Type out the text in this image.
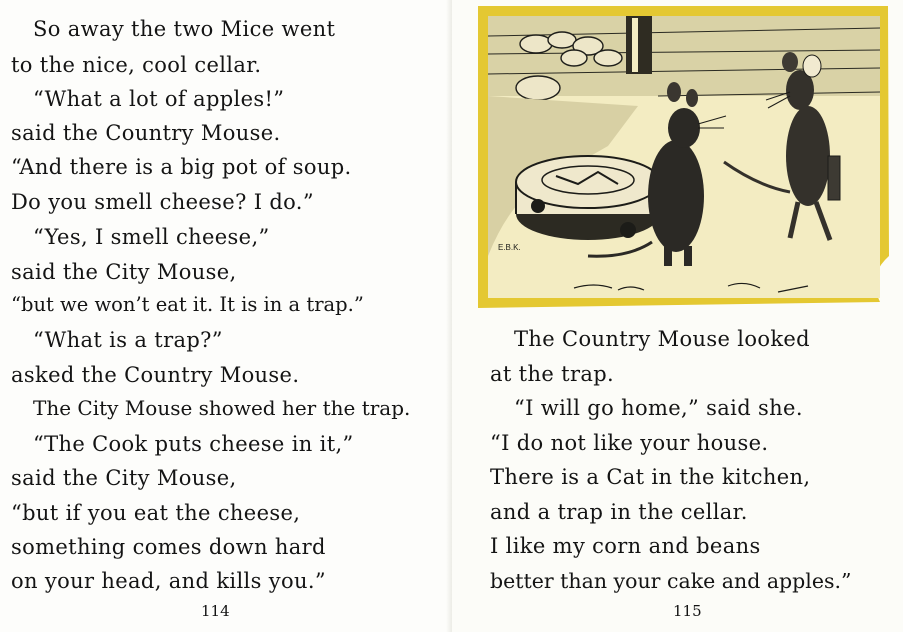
So away the two Mice went
to the nice, cool cellar.
“What a lot of apples!”
said the Country Mouse.
“And there is a big pot of soup.
Do you smell cheese? I do.”
“Yes, I smell cheese,”
said the City Mouse,
“but we won’t eat it. It is in a trap.”
“What is a trap?”
asked the Country Mouse.
The City Mouse showed her the trap.
“The Cook puts cheese in it,”
said the City Mouse,
“but if you eat the cheese,
something comes down hard
on your head, and kills you.”
114
E.B.K.
The Country Mouse looked
at the trap.
“I will go home,” said she.
“I do not like your house.
There is a Cat in the kitchen,
and a trap in the cellar.
I like my corn and beans
better than your cake and apples.”
115
